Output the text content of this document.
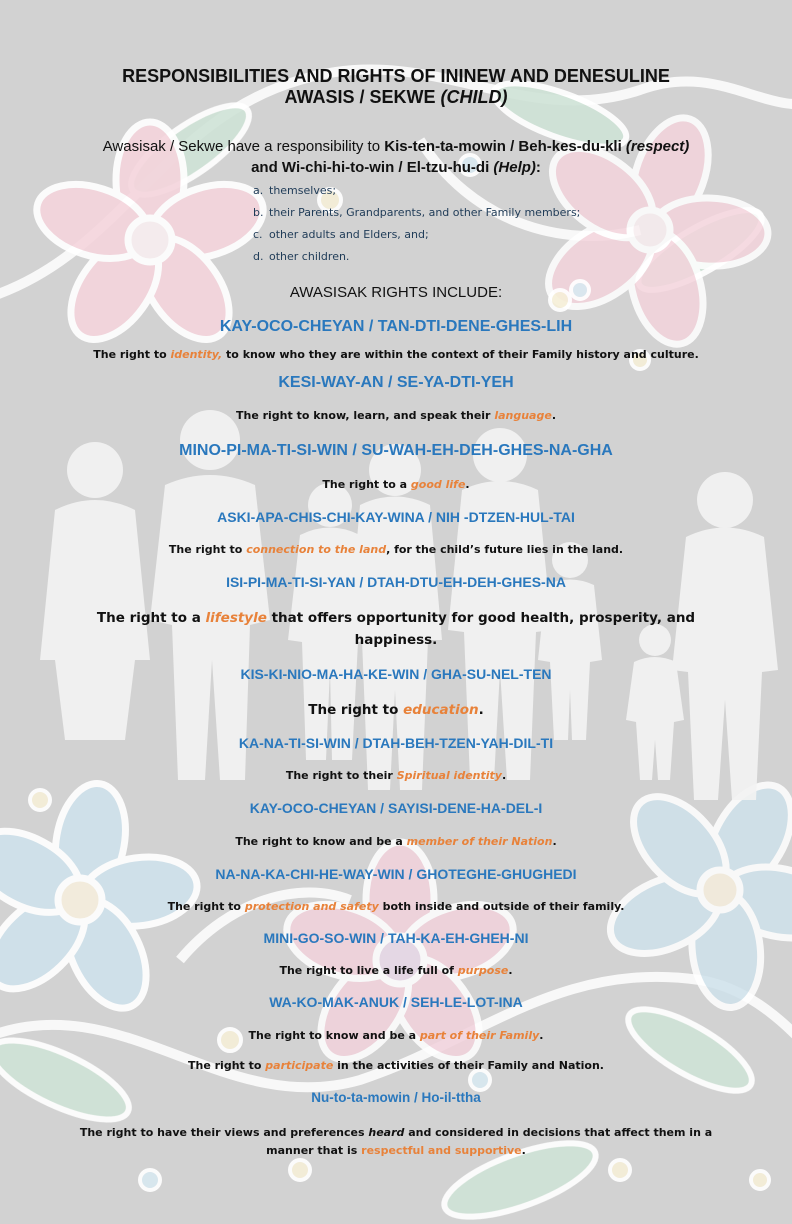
RESPONSIBILITIES AND RIGHTS OF ININEW AND DENESULINE
AWASIS / SEKWE (CHILD)
Awasisak / Sekwe have a responsibility to Kis-ten-ta-mowin / Beh-kes-du-kli (respect)
and Wi-chi-hi-to-win / El-tzu-hu-di (Help):
a. themselves;
b. their Parents, Grandparents, and other Family members;
c. other adults and Elders, and;
d. other children.
AWASISAK RIGHTS INCLUDE:
KAY-OCO-CHEYAN / TAN-DTI-DENE-GHES-LIH
The right to identity, to know who they are within the context of their Family history and culture.
KESI-WAY-AN / SE-YA-DTI-YEH
The right to know, learn, and speak their language.
MINO-PI-MA-TI-SI-WIN / SU-WAH-EH-DEH-GHES-NA-GHA
The right to a good life.
ASKI-APA-CHIS-CHI-KAY-WINA / NIH -DTZEN-HUL-TAI
The right to connection to the land, for the child’s future lies in the land.
ISI-PI-MA-TI-SI-YAN / DTAH-DTU-EH-DEH-GHES-NA
The right to a lifestyle that offers opportunity for good health, prosperity, and happiness.
KIS-KI-NIO-MA-HA-KE-WIN / GHA-SU-NEL-TEN
The right to education.
KA-NA-TI-SI-WIN / DTAH-BEH-TZEN-YAH-DIL-TI
The right to their Spiritual identity.
KAY-OCO-CHEYAN / SAYISI-DENE-HA-DEL-I
The right to know and be a member of their Nation.
NA-NA-KA-CHI-HE-WAY-WIN / GHOTEGHE-GHUGHEDI
The right to protection and safety both inside and outside of their family.
MINI-GO-SO-WIN / TAH-KA-EH-GHEH-NI
The right to live a life full of purpose.
WA-KO-MAK-ANUK / SEH-LE-LOT-INA
The right to know and be a part of their Family.
The right to participate in the activities of their Family and Nation.
Nu-to-ta-mowin / Ho-il-ttha
The right to have their views and preferences heard and considered in decisions that affect them in a manner that is respectful and supportive.
